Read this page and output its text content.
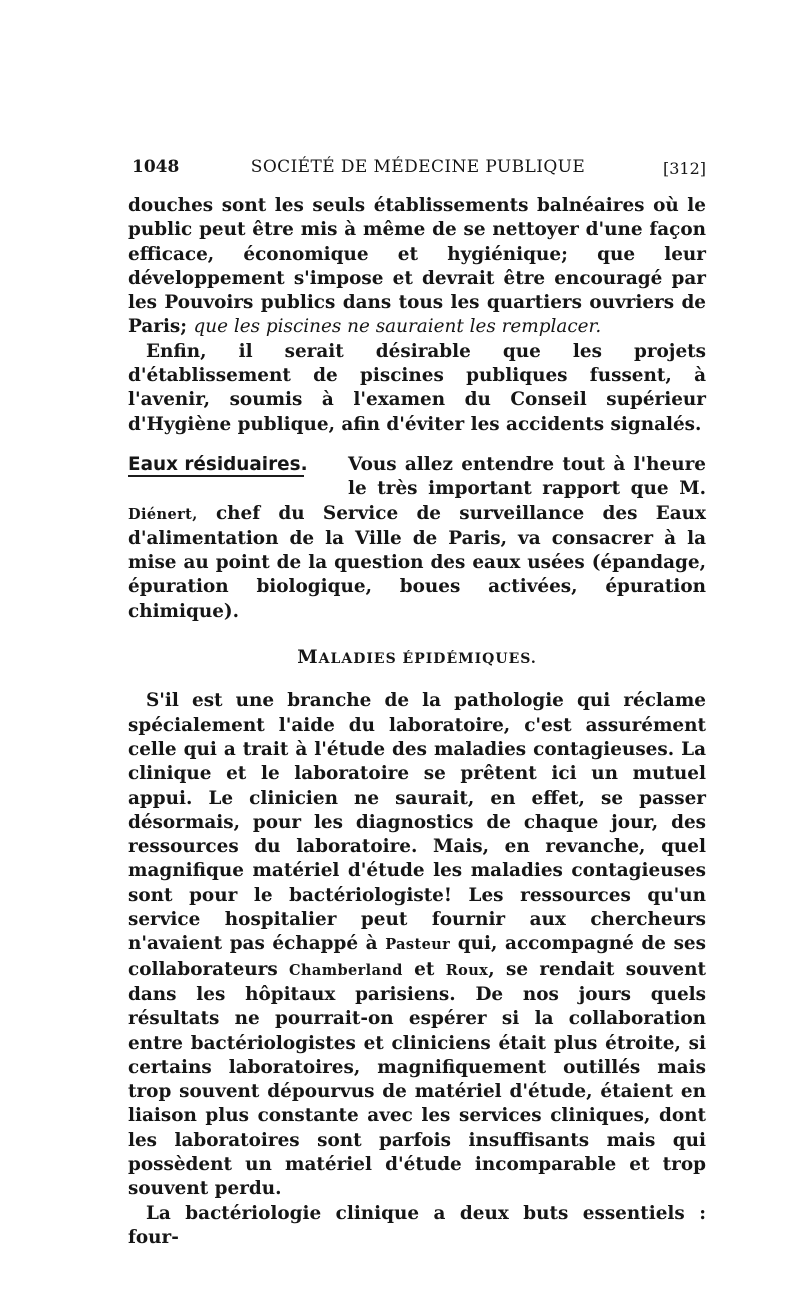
1048	SOCIÉTÉ DE MÉDECINE PUBLIQUE	[312]

douches sont les seuls établissements balnéaires où le public peut être mis à même de se nettoyer d'une façon efficace, économique et hygiénique; que leur développement s'impose et devrait être encouragé par les Pouvoirs publics dans tous les quartiers ouvriers de Paris; que les piscines ne sauraient les remplacer.

Enfin, il serait désirable que les projets d'établissement de piscines publiques fussent, à l'avenir, soumis à l'examen du Conseil supérieur d'Hygiène publique, afin d'éviter les accidents signalés.

Eaux résiduaires.	Vous allez entendre tout à l'heure le très important rapport que M. Diénert, chef du Service de surveillance des Eaux d'alimentation de la Ville de Paris, va consacrer à la mise au point de la question des eaux usées (épandage, épuration biologique, boues activées, épuration chimique).

MALADIES ÉPIDÉMIQUES.

S'il est une branche de la pathologie qui réclame spécialement l'aide du laboratoire, c'est assurément celle qui a trait à l'étude des maladies contagieuses. La clinique et le laboratoire se prêtent ici un mutuel appui. Le clinicien ne saurait, en effet, se passer désormais, pour les diagnostics de chaque jour, des ressources du laboratoire. Mais, en revanche, quel magnifique matériel d'étude les maladies contagieuses sont pour le bactériologiste! Les ressources qu'un service hospitalier peut fournir aux chercheurs n'avaient pas échappé à Pasteur qui, accompagné de ses collaborateurs Chamberland et Roux, se rendait souvent dans les hôpitaux parisiens. De nos jours quels résultats ne pourrait-on espérer si la collaboration entre bactériologistes et cliniciens était plus étroite, si certains laboratoires, magnifiquement outillés mais trop souvent dépourvus de matériel d'étude, étaient en liaison plus constante avec les services cliniques, dont les laboratoires sont parfois insuffisants mais qui possèdent un matériel d'étude incomparable et trop souvent perdu.

La bactériologie clinique a deux buts essentiels : four-
